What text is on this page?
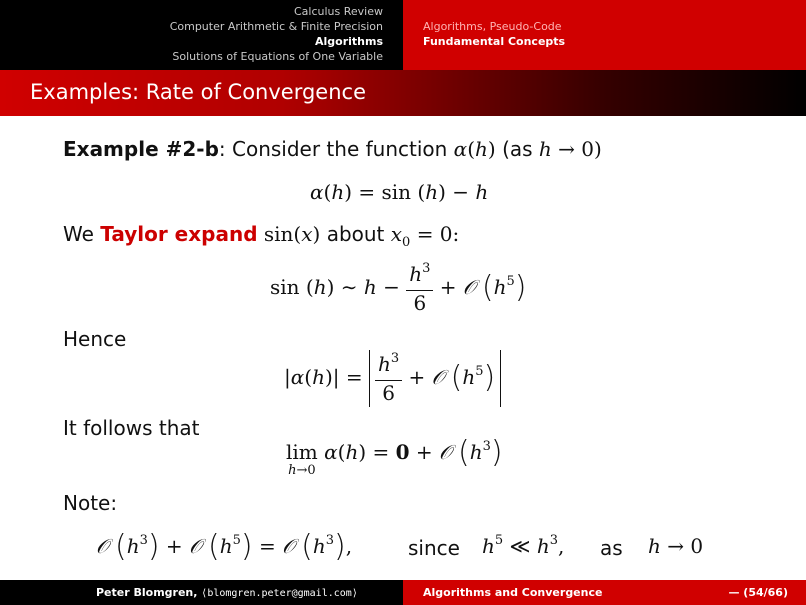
Calculus Review
Computer Arithmetic & Finite Precision
Algorithms
Solutions of Equations of One Variable
Algorithms, Pseudo-Code
Fundamental Concepts
Examples: Rate of Convergence
Example #2-b: Consider the function α(h) (as h → 0)
α(h) = sin (h) − h
We Taylor expand sin(x) about $x_0 = 0$:
sin (h) ∼ $h - \frac{h^3}{6}$ + 𝒪 $(h^5)$
Hence
$|\alpha(h)| = \frac{h^3}{6}$ + 𝒪 $(h^5)$
It follows that
lim
h→0
α(h) = 0 + 𝒪 $(h^3)$
Note:
𝒪 $(h^3)$ + 𝒪 $(h^5)$ = 𝒪 $(h^3)$,	since $h^5$ ≪ $h^3$, as h → 0
Peter Blomgren, ⟨blomgren.peter@gmail.com⟩	Algorithms and Convergence	— (54/66)
